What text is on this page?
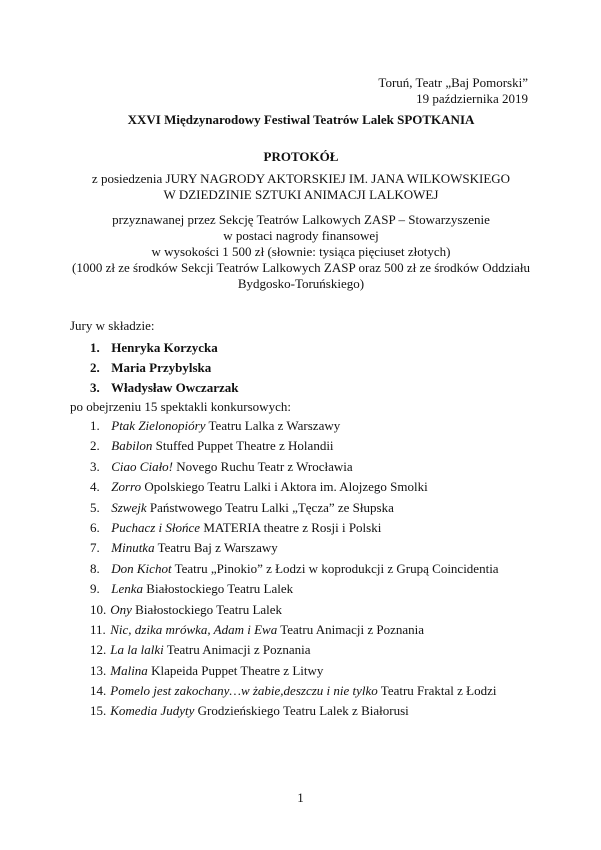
Toruń, Teatr „Baj Pomorski”
19 października 2019
XXVI Międzynarodowy Festiwal Teatrów Lalek SPOTKANIA
PROTOKÓŁ
z posiedzenia JURY NAGRODY AKTORSKIEJ IM. JANA WILKOWSKIEGO
W DZIEDZINIE SZTUKI ANIMACJI LALKOWEJ
przyznawanej przez Sekcję Teatrów Lalkowych ZASP – Stowarzyszenie
w postaci nagrody finansowej
w wysokości 1 500 zł (słownie: tysiąca pięciuset złotych)
(1000 zł ze środków Sekcji Teatrów Lalkowych ZASP oraz 500 zł ze środków Oddziału
Bydgosko-Toruńskiego)
Jury w składzie:
1. Henryka Korzycka
2. Maria Przybylska
3. Władysław Owczarzak
po obejrzeniu 15 spektakli konkursowych:
1. Ptak Zielonopióry Teatru Lalka z Warszawy
2. Babilon Stuffed Puppet Theatre z Holandii
3. Ciao Ciało! Novego Ruchu Teatr z Wrocławia
4. Zorro Opolskiego Teatru Lalki i Aktora im. Alojzego Smolki
5. Szwejk Państwowego Teatru Lalki „Tęcza” ze Słupska
6. Puchacz i Słońce MATERIA theatre z Rosji i Polski
7. Minutka Teatru Baj z Warszawy
8. Don Kichot Teatru „Pinokio” z Łodzi w koprodukcji z Grupą Coincidentia
9. Lenka Białostockiego Teatru Lalek
10. Ony Białostockiego Teatru Lalek
11. Nic, dzika mrówka, Adam i Ewa Teatru Animacji z Poznania
12. La la lalki Teatru Animacji z Poznania
13. Malina Klapeida Puppet Theatre z Litwy
14. Pomelo jest zakochany…w żabie,deszczu i nie tylko Teatru Fraktal z Łodzi
15. Komedia Judyty Grodzieńskiego Teatru Lalek z Białorusi
1
